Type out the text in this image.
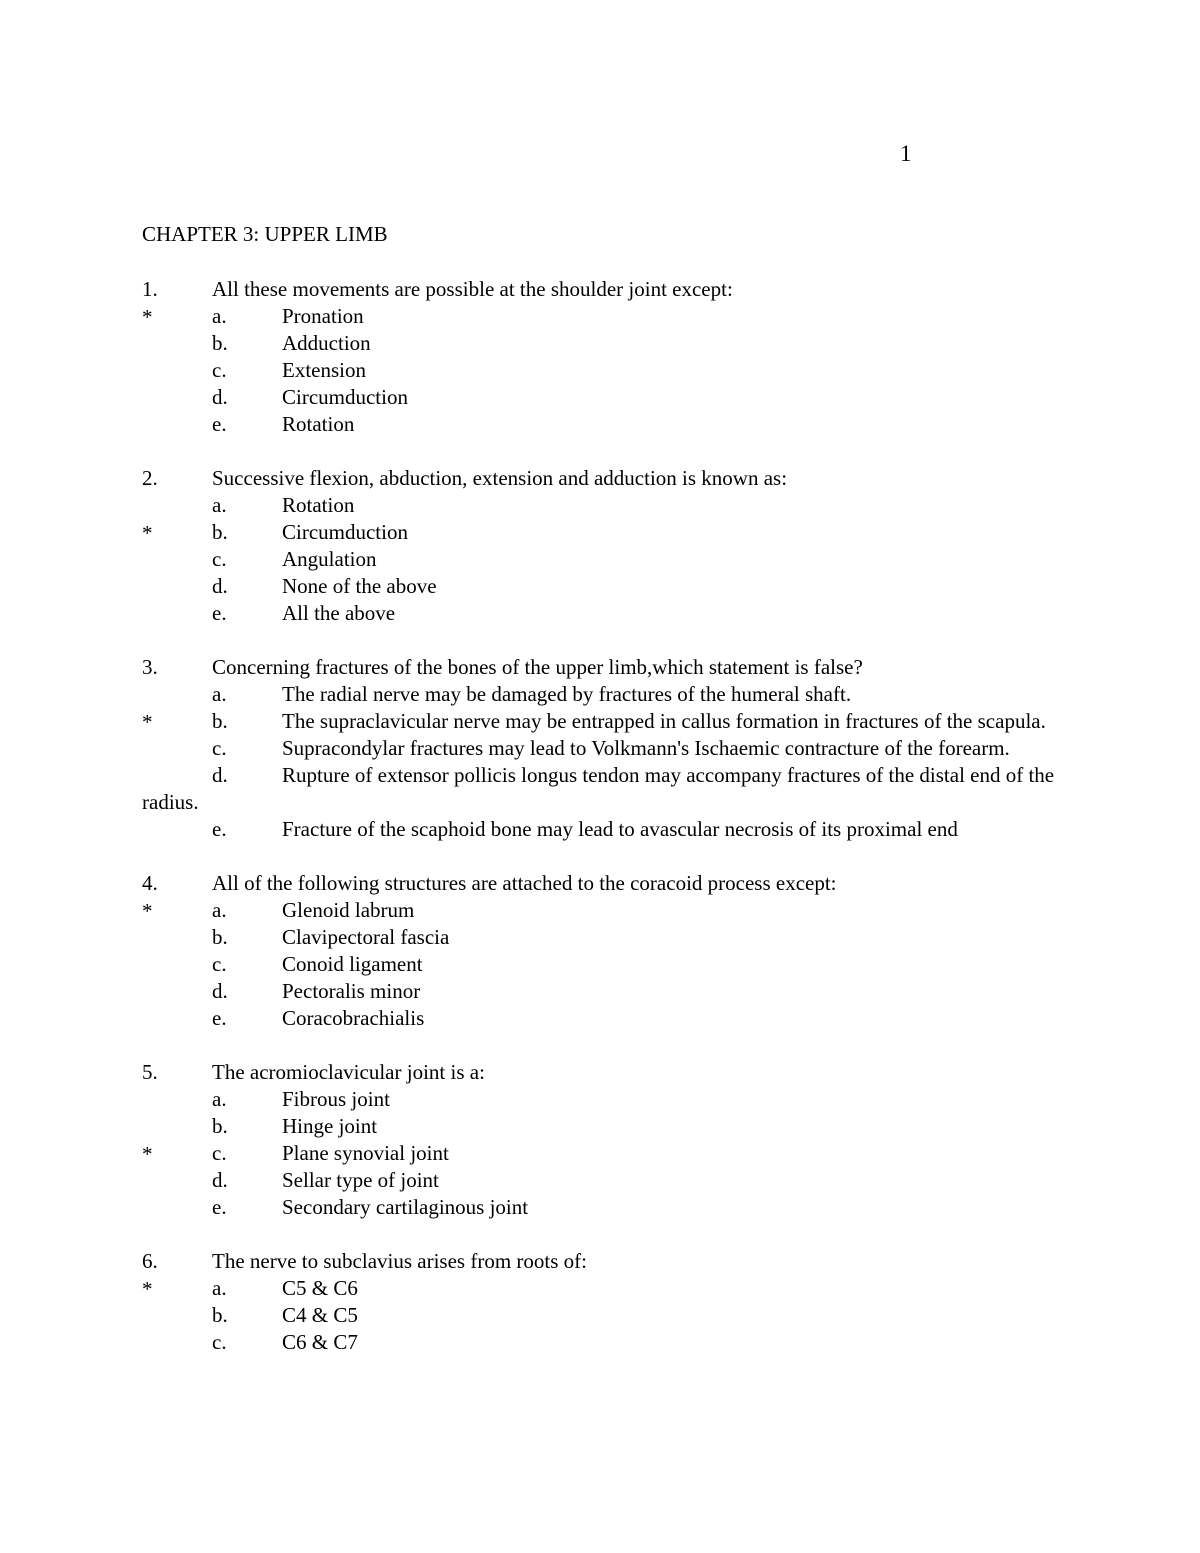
1
CHAPTER 3: UPPER LIMB
1.	All these movements are possible at the shoulder joint except:
*	a.	Pronation
b.	Adduction
c.	Extension
d.	Circumduction
e.	Rotation
2.	Successive flexion, abduction, extension and adduction is known as:
a.	Rotation
*	b.	Circumduction
c.	Angulation
d.	None of the above
e.	All the above
3.	Concerning fractures of the bones of the upper limb,which statement is false?
a.	The radial nerve may be damaged by fractures of the humeral shaft.
*	b.	The supraclavicular nerve may be entrapped in callus formation in fractures of the scapula.
c.	Supracondylar fractures may lead to Volkmann's Ischaemic contracture of the forearm.
d.	Rupture of extensor pollicis longus tendon may accompany fractures of the distal end of the radius.
e.	Fracture of the scaphoid bone may lead to avascular necrosis of its proximal end
4.	All of the following structures are attached to the coracoid process except:
*	a.	Glenoid labrum
b.	Clavipectoral fascia
c.	Conoid ligament
d.	Pectoralis minor
e.	Coracobrachialis
5.	The acromioclavicular joint is a:
a.	Fibrous joint
b.	Hinge joint
*	c.	Plane synovial joint
d.	Sellar type of joint
e.	Secondary cartilaginous joint
6.	The nerve to subclavius arises from roots of:
*	a.	C5 & C6
b.	C4 & C5
c.	C6 & C7
